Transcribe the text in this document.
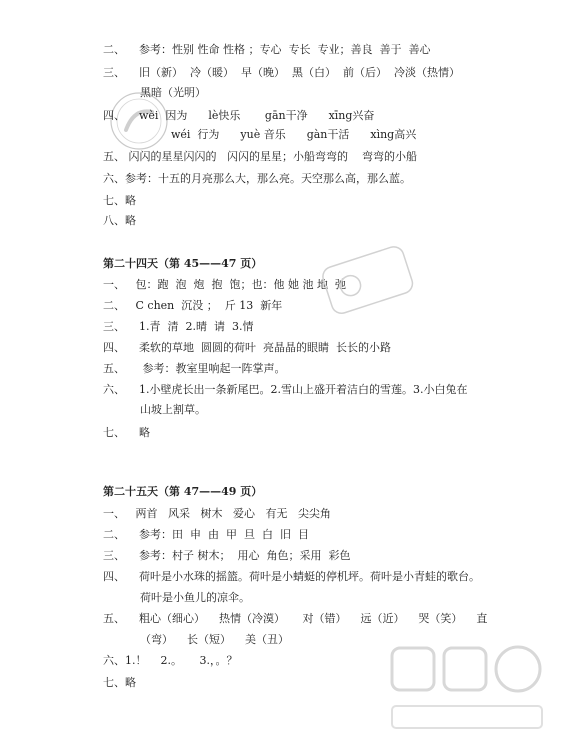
二、    参考：性别 性命 性格 ；专心  专长  专业；善良  善于  善心
三、    旧（新）  冷（暖）  早（晚）  黑（白）  前（后）  冷淡（热情）
黑暗（光明）
四、    wèi  因为      lè快乐       gān干净      xīng兴奋
wéi  行为      yuè 音乐      gàn干活      xìng高兴
五、 闪闪的星星闪闪的   闪闪的星星；小船弯弯的    弯弯的小船
六、参考：十五的月亮那么大，那么亮。天空那么高，那么蓝。
七、略
八、略
第二十四天（第 45——47 页）
一、   包：跑  泡  炮  抱  饱；也：他 她 池 地  弛
二、   C chen  沉没 ；  斤 13  新年
三、    1.青  清  2.晴  请  3.情
四、    柔软的草地  圆圆的荷叶  亮晶晶的眼睛  长长的小路
五、     参考：教室里响起一阵掌声。
六、    1.小壁虎长出一条新尾巴。2.雪山上盛开着洁白的雪莲。3.小白兔在
山坡上割草。
七、    略
第二十五天（第 47——49 页）
一、   两首   风采   树木   爱心   有无   尖尖角
二、    参考：田  申  由  甲  旦  白  旧  目
三、    参考：村子 树木；  用心  角色；采用  彩色
四、    荷叶是小水珠的摇篮。荷叶是小蜻蜓的停机坪。荷叶是小青蛙的歌台。
荷叶是小鱼儿的凉伞。
五、    粗心（细心）    热情（冷漠）     对（错）    远（近）    哭（笑）    直
（弯）    长（短）    美（丑）
六、1.！    2.。     3.，。？
七、略
